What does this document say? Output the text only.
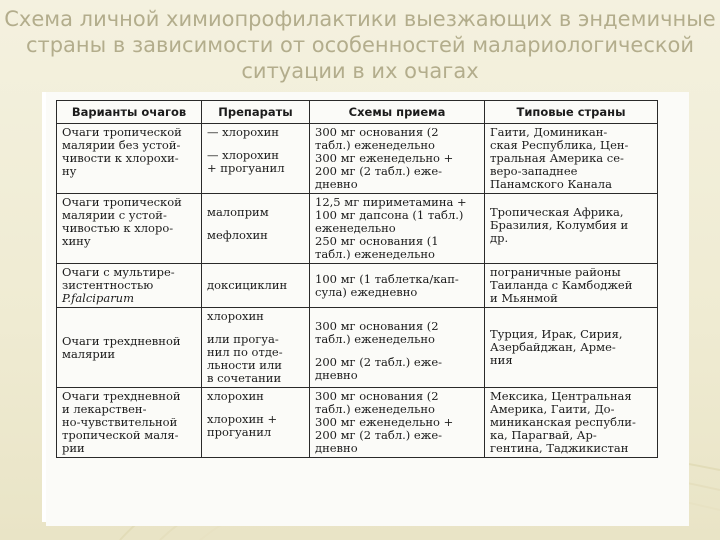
Схема личной химиопрофилактики выезжающих в эндемичные
страны в зависимости от особенностей малариологической
ситуации в их очагах
Варианты очагов	Препараты	Схемы приема	Типовые страны

Очаги тропической
малярии без устой-
чивости к хлорохи-
ну	— хлорохин
— хлорохин
+ прогуанил	300 мг основания (2
табл.) еженедельно
300 мг еженедельно +
200 мг (2 табл.) еже-
дневно	Гаити, Доминикан-
ская Республика, Цен-
тральная Америка се-
веро-западнее
Панамского Канала

Очаги тропической
малярии с устой-
чивостью к хлоро-
хину	малоприм
мефлохин	12,5 мг пириметамина +
100 мг дапсона (1 табл.)
еженедельно
250 мг основания (1
табл.) еженедельно	Тропическая Африка,
Бразилия, Колумбия и
др.

Очаги с мультире-
зистентностью
P.falciparum	доксициклин	100 мг (1 таблетка/кап-
сула) ежедневно	пограничные районы
Таиланда с Камбоджей
и Мьянмой

Очаги трехдневной
малярии	хлорохин
или прогуа-
нил по отде-
льности или
в сочетании	300 мг основания (2
табл.) еженедельно
200 мг (2 табл.) еже-
дневно	Турция, Ирак, Сирия,
Азербайджан, Арме-
ния

Очаги трехдневной
и лекарствен-
но-чувствительной
тропической маля-
рии	хлорохин
хлорохин +
прогуанил	300 мг основания (2
табл.) еженедельно
300 мг еженедельно +
200 мг (2 табл.) еже-
дневно	Мексика, Центральная
Америка, Гаити, До-
миниканская республи-
ка, Парагвай, Ар-
гентина, Таджикистан
